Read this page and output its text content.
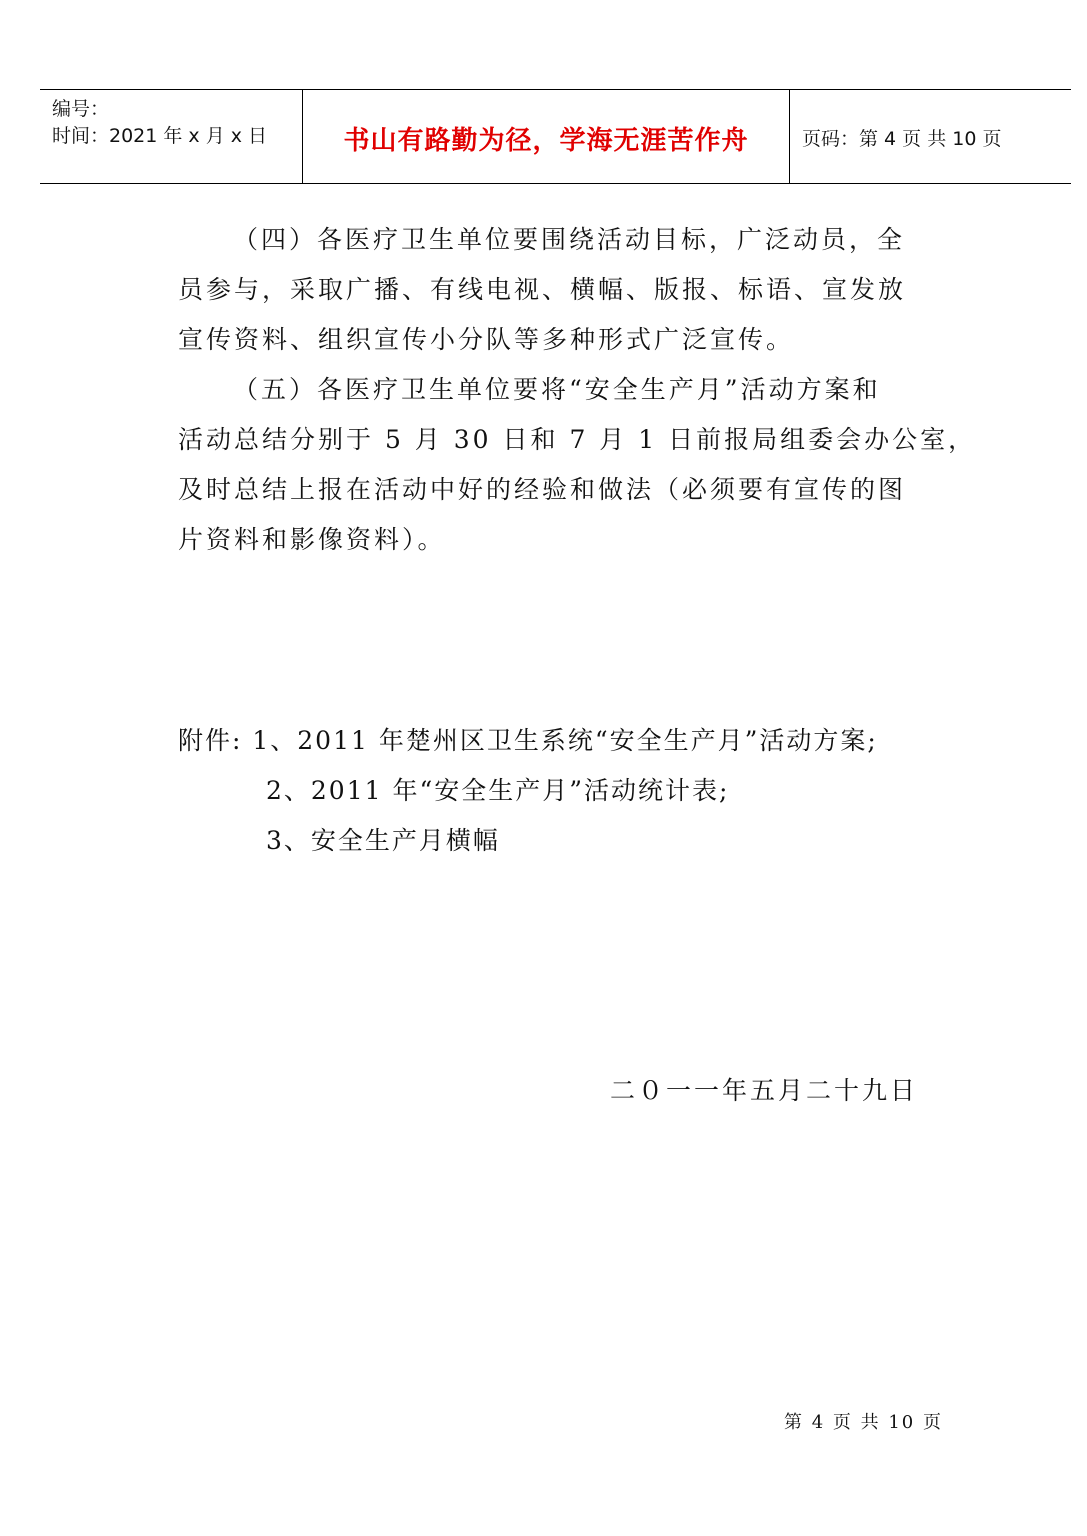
编号：
时间：2021 年 x 月 x 日	书山有路勤为径，学海无涯苦作舟	页码：第 4 页 共 10 页
（四）各医疗卫生单位要围绕活动目标，广泛动员，全
员参与，采取广播、有线电视、横幅、版报、标语、宣发放
宣传资料、组织宣传小分队等多种形式广泛宣传。
（五）各医疗卫生单位要将“安全生产月”活动方案和
活动总结分别于 5 月 30 日和 7 月 1 日前报局组委会办公室，
及时总结上报在活动中好的经验和做法（必须要有宣传的图
片资料和影像资料）。
附件: 1、2011 年楚州区卫生系统“安全生产月”活动方案;
2、2011 年“安全生产月”活动统计表;
3、安全生产月横幅
二０一一年五月二十九日
第 4 页 共 10 页
